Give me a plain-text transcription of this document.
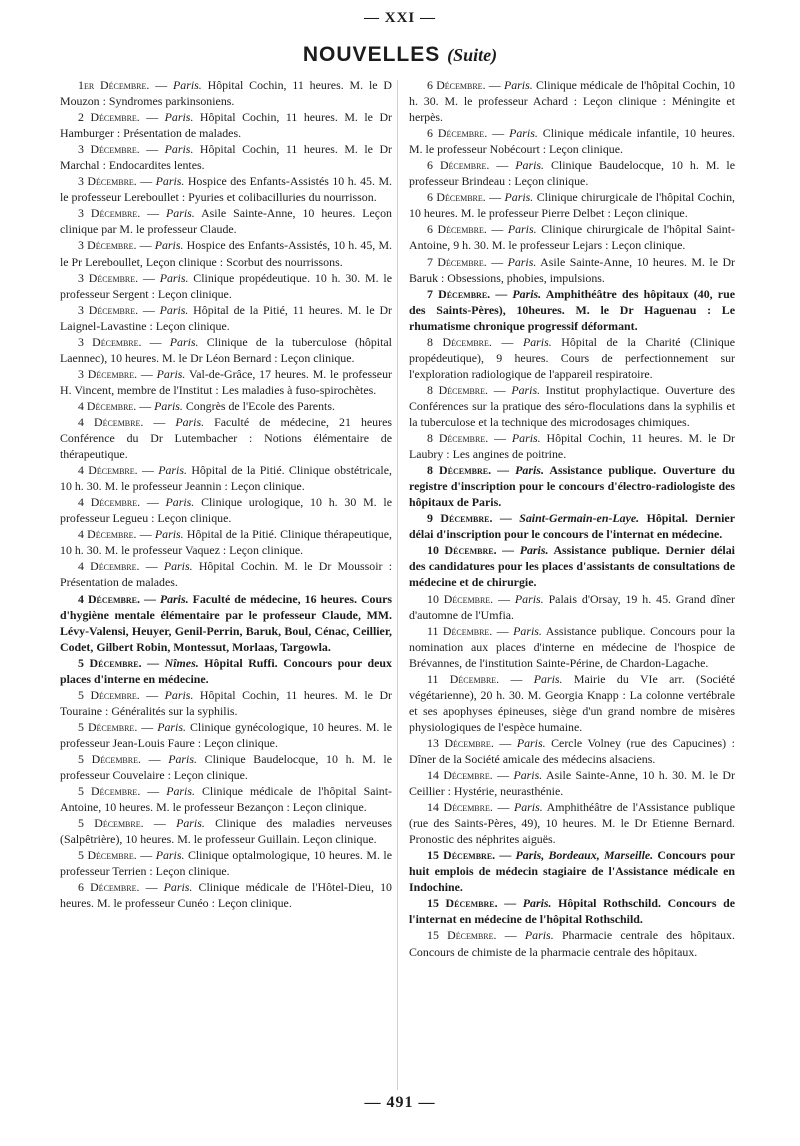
— XXI —
NOUVELLES (Suite)

1er Décembre. — Paris. Hôpital Cochin, 11 heures. M. le D Mouzon : Syndromes parkinsoniens.

2 Décembre. — Paris. Hôpital Cochin, 11 heures. M. le Dr Hamburger : Présentation de malades.

3 Décembre. — Paris. Hôpital Cochin, 11 heures. M. le Dr Marchal : Endocardites lentes.

3 Décembre. — Paris. Hospice des Enfants-Assistés 10 h. 45. M. le professeur Lereboullet : Pyuries et colibacilluries du nourrisson.

3 Décembre. — Paris. Asile Sainte-Anne, 10 heures. Leçon clinique par M. le professeur Claude.

3 Décembre. — Paris. Hospice des Enfants-Assistés, 10 h. 45, M. le Pr Lereboullet, Leçon clinique : Scorbut des nourrissons.

3 Décembre. — Paris. Clinique propédeutique. 10 h. 30. M. le professeur Sergent : Leçon clinique.

3 Décembre. — Paris. Hôpital de la Pitié, 11 heures. M. le Dr Laignel-Lavastine : Leçon clinique.

3 Décembre. — Paris. Clinique de la tuberculose (hôpital Laennec), 10 heures. M. le Dr Léon Bernard : Leçon clinique.

3 Décembre. — Paris. Val-de-Grâce, 17 heures. M. le professeur H. Vincent, membre de l'Institut : Les maladies à fuso-spirochètes.

4 Décembre. — Paris. Congrès de l'Ecole des Parents.

4 Décembre. — Paris. Faculté de médecine, 21 heures Conférence du Dr Lutembacher : Notions élémentaire de thérapeutique.

4 Décembre. — Paris. Hôpital de la Pitié. Clinique obstétricale, 10 h. 30. M. le professeur Jeannin : Leçon clinique.

4 Décembre. — Paris. Clinique urologique, 10 h. 30 M. le professeur Legueu : Leçon clinique.

4 Décembre. — Paris. Hôpital de la Pitié. Clinique thérapeutique, 10 h. 30. M. le professeur Vaquez : Leçon clinique.

4 Décembre. — Paris. Hôpital Cochin. M. le Dr Moussoir : Présentation de malades.

4 Décembre. — Paris. Faculté de médecine, 16 heures. Cours d'hygiène mentale élémentaire par le professeur Claude, MM. Lévy-Valensi, Heuyer, Genil-Perrin, Baruk, Boul, Cénac, Ceillier, Codet, Gilbert Robin, Montessut, Morlaas, Targowla.

5 Décembre. — Nîmes. Hôpital Ruffi. Concours pour deux places d'interne en médecine.

5 Décembre. — Paris. Hôpital Cochin, 11 heures. M. le Dr Touraine : Généralités sur la syphilis.

5 Décembre. — Paris. Clinique gynécologique, 10 heures. M. le professeur Jean-Louis Faure : Leçon clinique.

5 Décembre. — Paris. Clinique Baudelocque, 10 h. M. le professeur Couvelaire : Leçon clinique.

5 Décembre. — Paris. Clinique médicale de l'hôpital Saint-Antoine, 10 heures. M. le professeur Bezançon : Leçon clinique.

5 Décembre. — Paris. Clinique des maladies nerveuses (Salpêtrière), 10 heures. M. le professeur Guillain. Leçon clinique.

5 Décembre. — Paris. Clinique optalmologique, 10 heures. M. le professeur Terrien : Leçon clinique.

6 Décembre. — Paris. Clinique médicale de l'Hôtel-Dieu, 10 heures. M. le professeur Cunéo : Leçon clinique.

6 Décembre. — Paris. Clinique médicale de l'hôpital Cochin, 10 h. 30. M. le professeur Achard : Leçon clinique : Méningite et herpès.

6 Décembre. — Paris. Clinique médicale infantile, 10 heures. M. le professeur Nobécourt : Leçon clinique.

6 Décembre. — Paris. Clinique Baudelocque, 10 h. M. le professeur Brindeau : Leçon clinique.

6 Décembre. — Paris. Clinique chirurgicale de l'hôpital Cochin, 10 heures. M. le professeur Pierre Delbet : Leçon clinique.

6 Décembre. — Paris. Clinique chirurgicale de l'hôpital Saint-Antoine, 9 h. 30. M. le professeur Lejars : Leçon clinique.

7 Décembre. — Paris. Asile Sainte-Anne, 10 heures. M. le Dr Baruk : Obsessions, phobies, impulsions.

7 Décembre. — Paris. Amphithéâtre des hôpitaux (40, rue des Saints-Pères), 10heures. M. le Dr Haguenau : Le rhumatisme chronique progressif déformant.

8 Décembre. — Paris. Hôpital de la Charité (Clinique propédeutique), 9 heures. Cours de perfectionnement sur l'exploration radiologique de l'appareil respiratoire.

8 Décembre. — Paris. Institut prophylactique. Ouverture des Conférences sur la pratique des séro-floculations dans la syphilis et la tuberculose et la technique des microdosages chimiques.

8 Décembre. — Paris. Hôpital Cochin, 11 heures. M. le Dr Laubry : Les angines de poitrine.

8 Décembre. — Paris. Assistance publique. Ouverture du registre d'inscription pour le concours d'électro-radiologiste des hôpitaux de Paris.

9 Décembre. — Saint-Germain-en-Laye. Hôpital. Dernier délai d'inscription pour le concours de l'internat en médecine.

10 Décembre. — Paris. Assistance publique. Dernier délai des candidatures pour les places d'assistants de consultations de médecine et de chirurgie.

10 Décembre. — Paris. Palais d'Orsay, 19 h. 45. Grand dîner d'automne de l'Umfia.

11 Décembre. — Paris. Assistance publique. Concours pour la nomination aux places d'interne en médecine de l'hospice de Brévannes, de l'institution Sainte-Périne, de Chardon-Lagache.

11 Décembre. — Paris. Mairie du VIe arr. (Société végétarienne), 20 h. 30. M. Georgia Knapp : La colonne vertébrale et ses apophyses épineuses, siège d'un grand nombre de misères physiologiques de l'espèce humaine.

13 Décembre. — Paris. Cercle Volney (rue des Capucines) : Dîner de la Société amicale des médecins alsaciens.

14 Décembre. — Paris. Asile Sainte-Anne, 10 h. 30. M. le Dr Ceillier : Hystérie, neurasthénie.

14 Décembre. — Paris. Amphithéâtre de l'Assistance publique (rue des Saints-Pères, 49), 10 heures. M. le Dr Etienne Bernard. Pronostic des néphrites aiguës.

15 Décembre. — Paris, Bordeaux, Marseille. Concours pour huit emplois de médecin stagiaire de l'Assistance médicale en Indochine.

15 Décembre. — Paris. Hôpital Rothschild. Concours de l'internat en médecine de l'hôpital Rothschild.

15 Décembre. — Paris. Pharmacie centrale des hôpitaux. Concours de chimiste de la pharmacie centrale des hôpitaux.

— 491 —
